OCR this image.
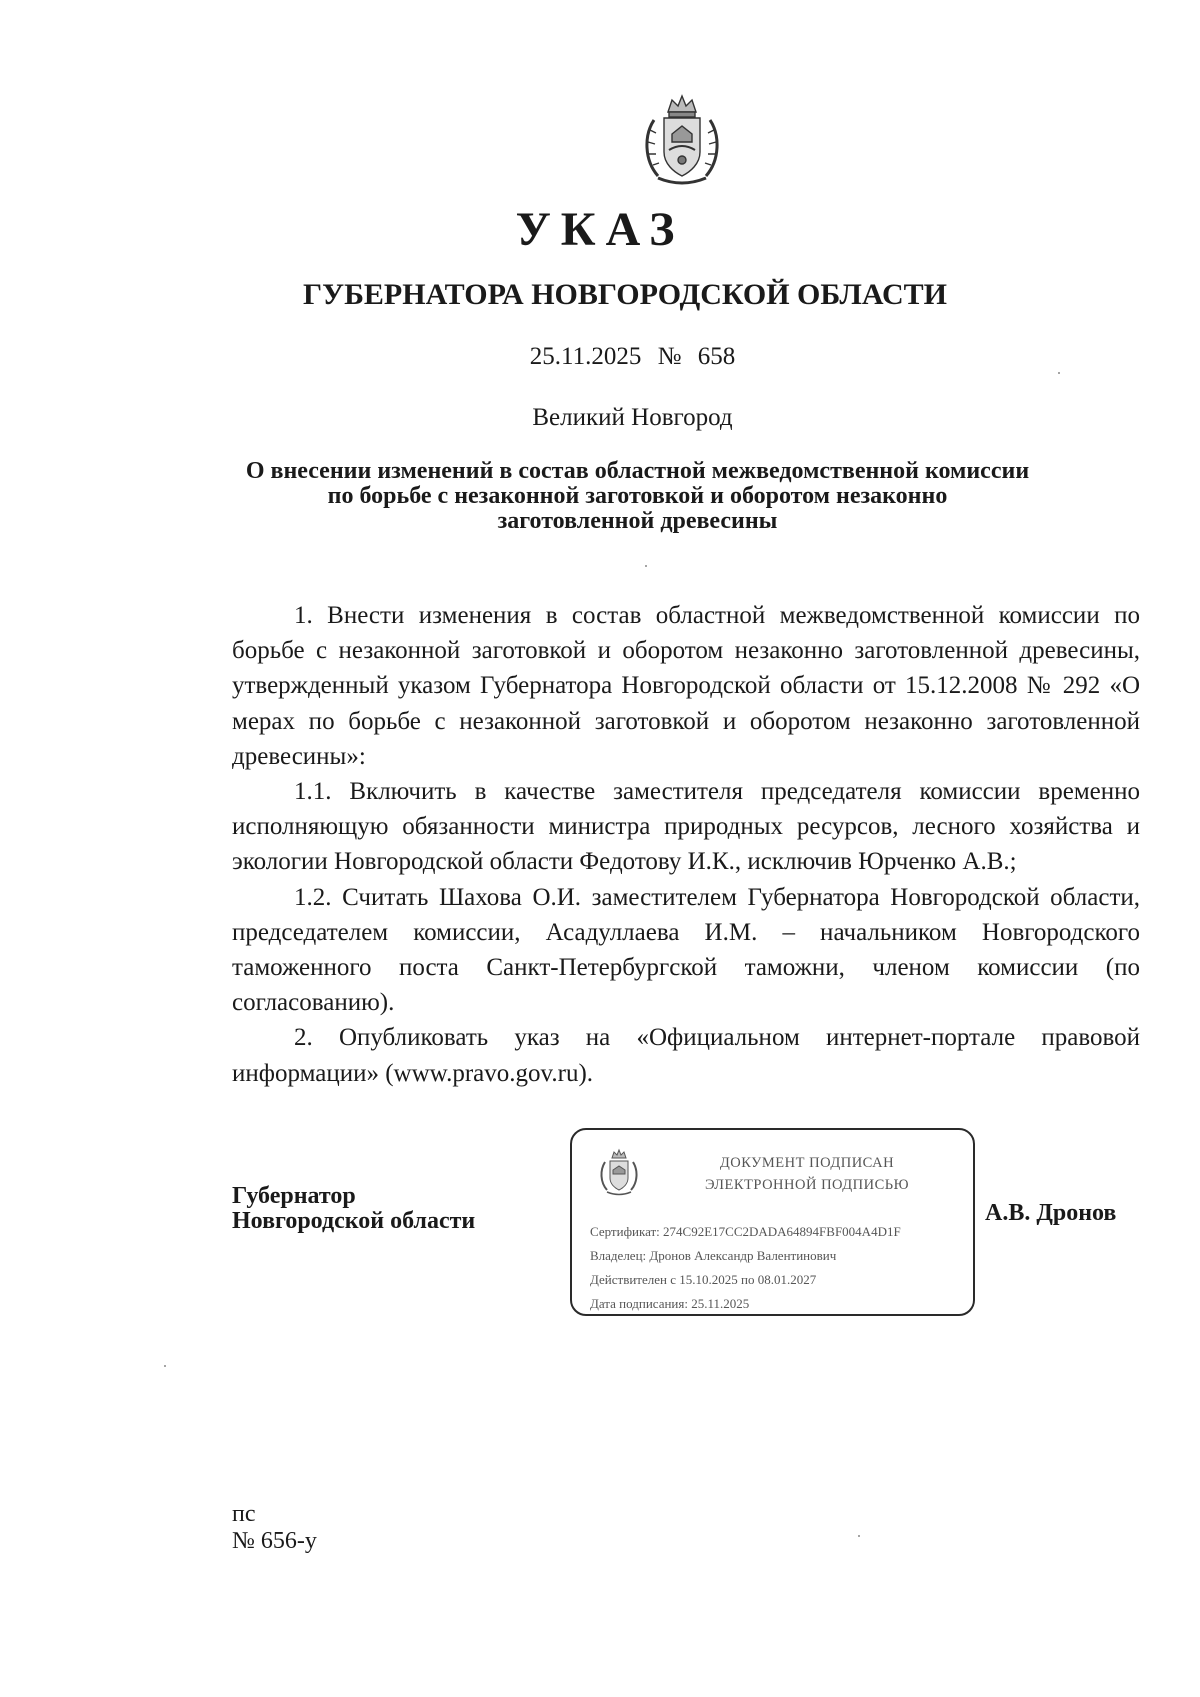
УКАЗ
ГУБЕРНАТОРА НОВГОРОДСКОЙ ОБЛАСТИ
25.11.2025 № 658
Великий Новгород
О внесении изменений в состав областной межведомственной комиссии
по борьбе с незаконной заготовкой и оборотом незаконно
заготовленной древесины

1. Внести изменения в состав областной межведомственной комиссии по борьбе с незаконной заготовкой и оборотом незаконно заготовленной древесины, утвержденный указом Губернатора Новгородской области от 15.12.2008 № 292 «О мерах по борьбе с незаконной заготовкой и оборотом незаконно заготовленной древесины»:

1.1. Включить в качестве заместителя председателя комиссии временно исполняющую обязанности министра природных ресурсов, лесного хозяйства и экологии Новгородской области Федотову И.К., исключив Юрченко А.В.;

1.2. Считать Шахова О.И. заместителем Губернатора Новгородской области, председателем комиссии, Асадуллаева И.М. – начальником Новгородского таможенного поста Санкт-Петербургской таможни, членом комиссии (по согласованию).

2. Опубликовать указ на «Официальном интернет-портале правовой информации» (www.pravo.gov.ru).

Губернатор
Новгородской области
ДОКУМЕНТ ПОДПИСАН
ЭЛЕКТРОННОЙ ПОДПИСЬЮ
Сертификат: 274C92E17CC2DADA64894FBF004A4D1F
Владелец: Дронов Александр Валентинович
Действителен с 15.10.2025 по 08.01.2027
Дата подписания: 25.11.2025
А.В. Дронов
пс
№ 656-у
